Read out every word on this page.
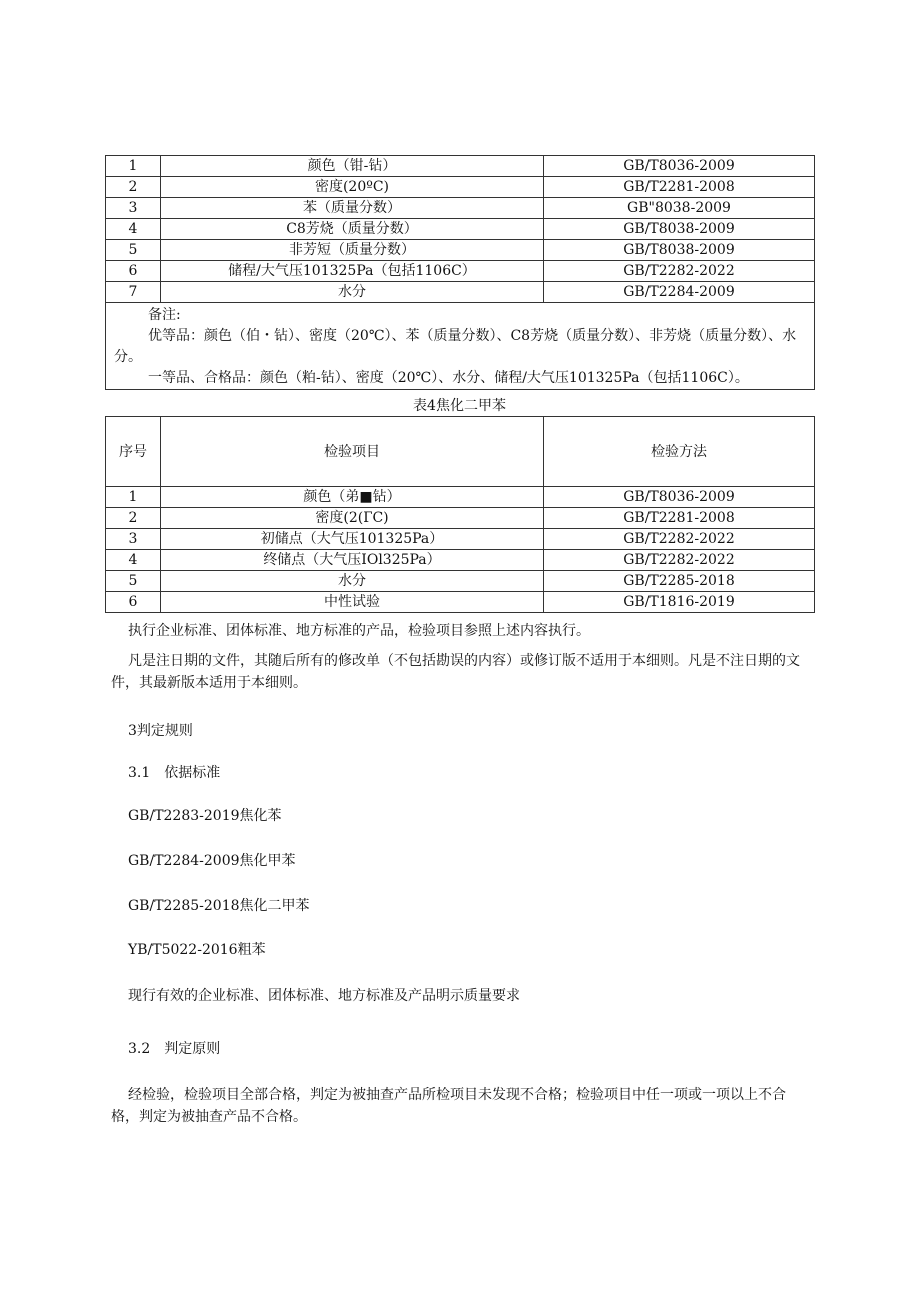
1	颜色（钳-钻）	GB/T8036-2009
2	密度(20ºC)	GB/T2281-2008
3	苯（质量分数）	GB"8038-2009
4	C8芳烧（质量分数）	GB/T8038-2009
5	非芳短（质量分数）	GB/T8038-2009
6	储程/大气压101325Pa（包括1106C）	GB/T2282-2022
7	水分	GB/T2284-2009

备注:
优等品：颜色（伯・钻）、密度（20℃）、苯（质量分数）、C8芳烧（质量分数）、非芳烧（质量分数）、水分。
一等品、合格品：颜色（粕-钻）、密度（20℃）、水分、储程/大气压101325Pa（包括1106C）。		
表4焦化二甲苯
序号	检验项目	检验方法
1	颜色（弟■钻）	GB/T8036-2009
2	密度(2(ГC)	GB/T2281-2008
3	初储点（大气压101325Pa）	GB/T2282-2022
4	终储点（大气压IOl325Pa）	GB/T2282-2022
5	水分	GB/T2285-2018
6	中性试验	GB/T1816-2019
执行企业标准、团体标准、地方标准的产品，检验项目参照上述内容执行。
凡是注日期的文件，其随后所有的修改单（不包括勘误的内容）或修订版不适用于本细则。凡是不注日期的文件，其最新版本适用于本细则。
3判定规则
3.1　依据标准
GB/T2283-2019焦化苯
GB/T2284-2009焦化甲苯
GB/T2285-2018焦化二甲苯
YB/T5022-2016粗苯
现行有效的企业标准、团体标准、地方标准及产品明示质量要求
3.2　判定原则
经检验，检验项目全部合格，判定为被抽查产品所检项目未发现不合格；检验项目中任一项或一项以上不合格，判定为被抽查产品不合格。
